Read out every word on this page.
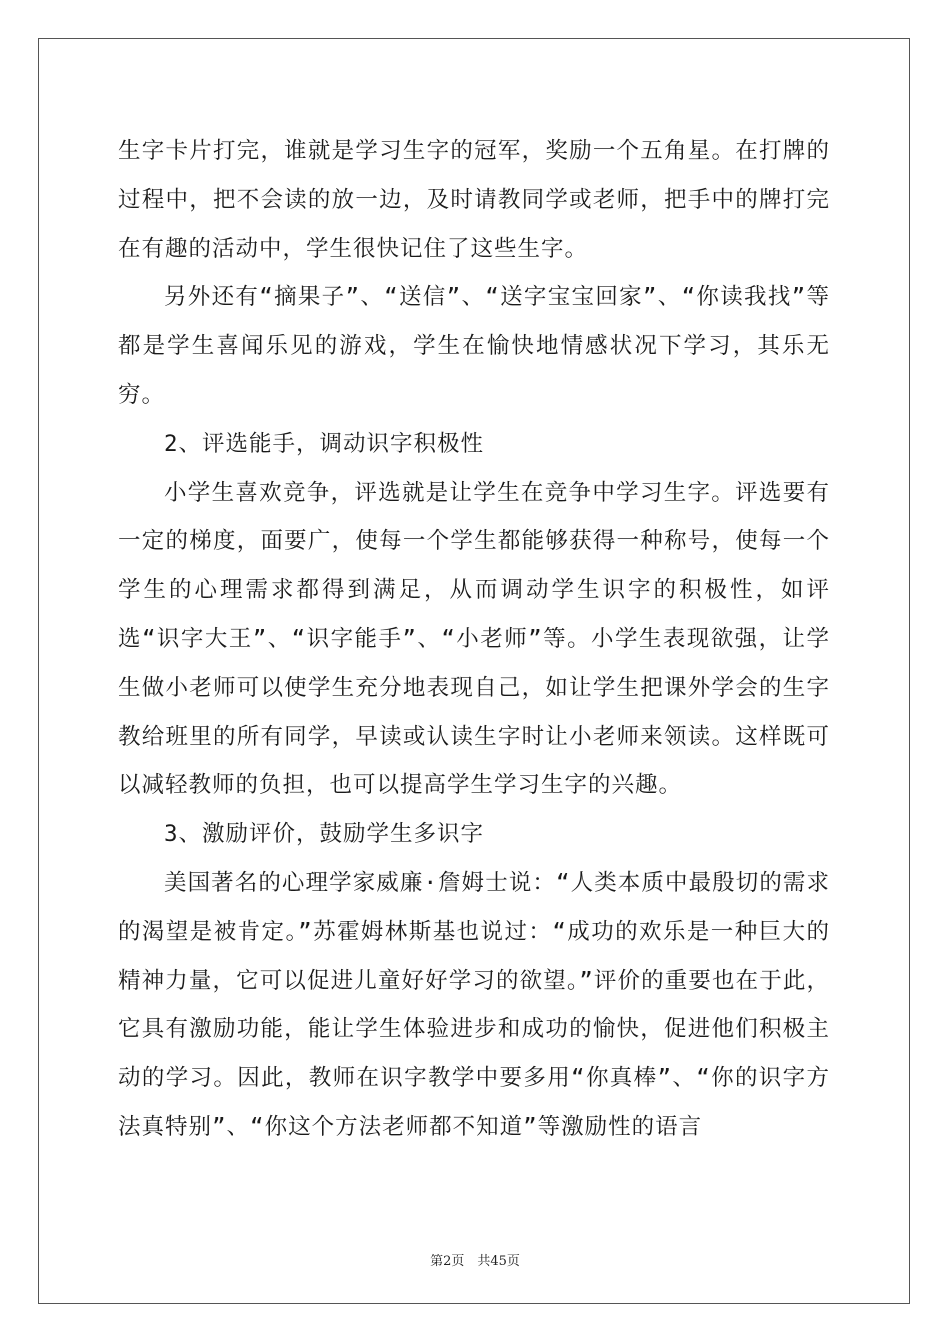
生字卡片打完，谁就是学习生字的冠军，奖励一个五角星。在打牌的过程中，把不会读的放一边，及时请教同学或老师，把手中的牌打完在有趣的活动中，学生很快记住了这些生字。

另外还有“摘果子”、“送信”、“送字宝宝回家”、“你读我找”等都是学生喜闻乐见的游戏，学生在愉快地情感状况下学习，其乐无穷。

2、评选能手，调动识字积极性

小学生喜欢竞争，评选就是让学生在竞争中学习生字。评选要有一定的梯度，面要广，使每一个学生都能够获得一种称号，使每一个学生的心理需求都得到满足，从而调动学生识字的积极性，如评选“识字大王”、“识字能手”、“小老师”等。小学生表现欲强，让学生做小老师可以使学生充分地表现自己，如让学生把课外学会的生字教给班里的所有同学，早读或认读生字时让小老师来领读。这样既可以减轻教师的负担，也可以提高学生学习生字的兴趣。

3、激励评价，鼓励学生多识字

美国著名的心理学家威廉·詹姆士说：“人类本质中最殷切的需求的渴望是被肯定。”苏霍姆林斯基也说过：“成功的欢乐是一种巨大的精神力量，它可以促进儿童好好学习的欲望。”评价的重要也在于此，它具有激励功能，能让学生体验进步和成功的愉快，促进他们积极主动的学习。因此，教师在识字教学中要多用“你真棒”、“你的识字方法真特别”、“你这个方法老师都不知道”等激励性的语言

第2页　共45页
